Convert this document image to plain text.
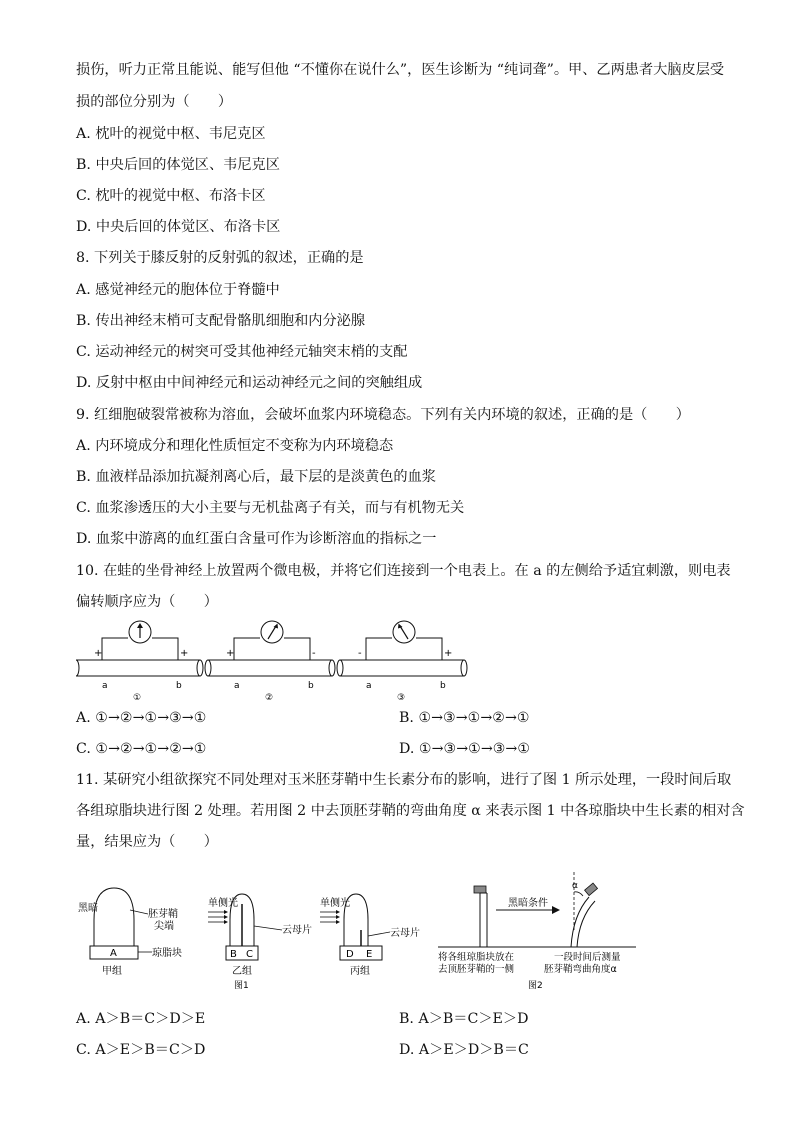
损伤，听力正常且能说、能写但他 “不懂你在说什么”，医生诊断为 “纯词聋”。甲、乙两患者大脑皮层受
损的部位分别为（　　）
A. 枕叶的视觉中枢、韦尼克区
B. 中央后回的体觉区、韦尼克区
C. 枕叶的视觉中枢、布洛卡区
D. 中央后回的体觉区、布洛卡区
8. 下列关于膝反射的反射弧的叙述，正确的是
A. 感觉神经元的胞体位于脊髓中
B. 传出神经末梢可支配骨骼肌细胞和内分泌腺
C. 运动神经元的树突可受其他神经元轴突末梢的支配
D. 反射中枢由中间神经元和运动神经元之间的突触组成
9. 红细胞破裂常被称为溶血，会破坏血浆内环境稳态。下列有关内环境的叙述，正确的是（　　）
A. 内环境成分和理化性质恒定不变称为内环境稳态
B. 血液样品添加抗凝剂离心后，最下层的是淡黄色的血浆
C. 血浆渗透压的大小主要与无机盐离子有关，而与有机物无关
D. 血浆中游离的血红蛋白含量可作为诊断溶血的指标之一
10. 在蛙的坐骨神经上放置两个微电极，并将它们连接到一个电表上。在 a 的左侧给予适宜刺激，则电表
偏转顺序应为（　　）
+	+
a	b
①
+	-
a	b
②
-	+
a	b
③
A. ①→②→①→③→①	B. ①→③→①→②→①
C. ①→②→①→②→①	D. ①→③→①→③→①
11. 某研究小组欲探究不同处理对玉米胚芽鞘中生长素分布的影响，进行了图 1 所示处理，一段时间后取
各组琼脂块进行图 2 处理。若用图 2 中去顶胚芽鞘的弯曲角度 α 来表示图 1 中各琼脂块中生长素的相对含
量，结果应为（　　）
黑暗
胚芽鞘
尖端
A	琼脂块
甲组
单侧光
云母片
B C
乙组
单侧光
云母片
D E
丙组
图1
黑暗条件
α
将各组琼脂块放在
去顶胚芽鞘的一侧
一段时间后测量
胚芽鞘弯曲角度α
图2
A. A＞B＝C＞D＞E	B. A＞B＝C＞E＞D
C. A＞E＞B＝C＞D	D. A＞E＞D＞B＝C
